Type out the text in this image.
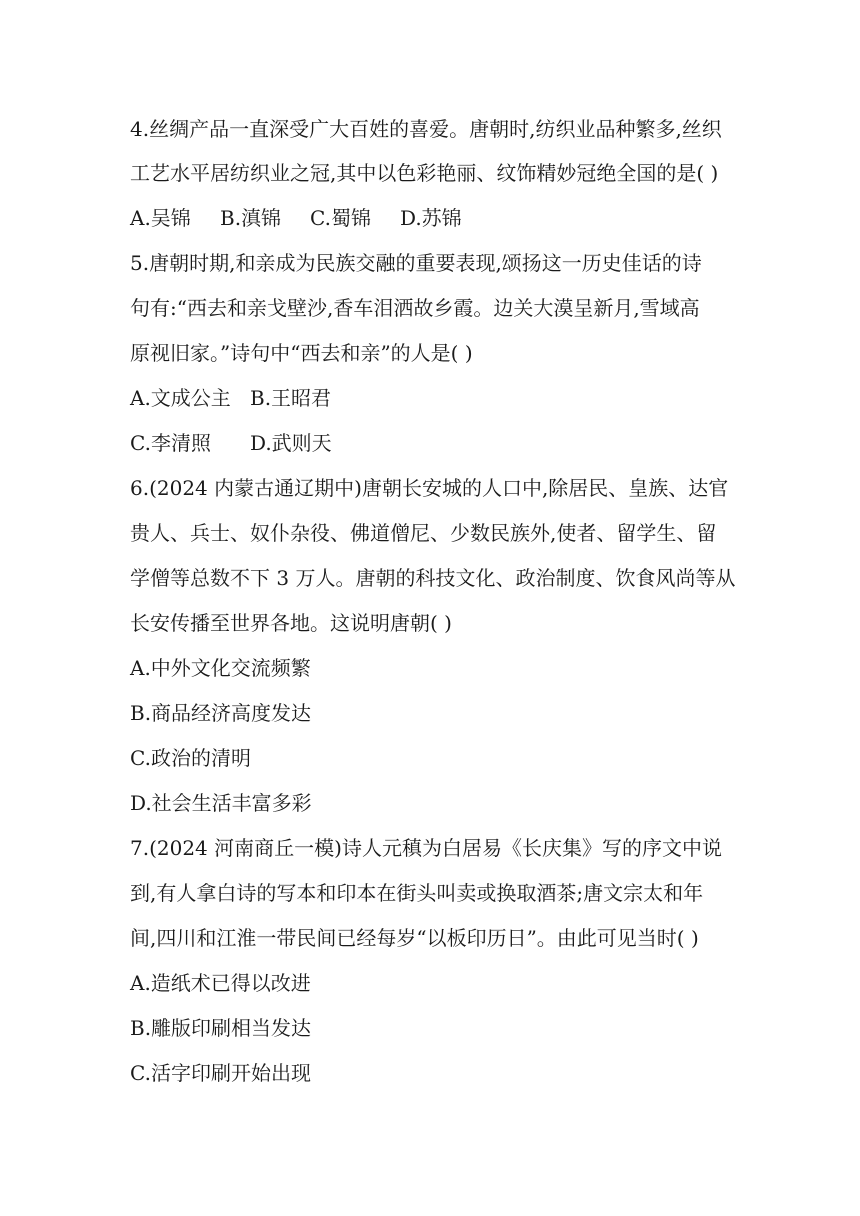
4.丝绸产品一直深受广大百姓的喜爱。唐朝时,纺织业品种繁多,丝织
工艺水平居纺织业之冠,其中以色彩艳丽、纹饰精妙冠绝全国的是( )
A.吴锦 B.滇锦 C.蜀锦 D.苏锦
5.唐朝时期,和亲成为民族交融的重要表现,颂扬这一历史佳话的诗
句有:“西去和亲戈壁沙,香车泪洒故乡霞。边关大漠呈新月,雪域高
原视旧家。”诗句中“西去和亲”的人是( )
A.文成公主 B.王昭君
C.李清照 D.武则天
6.(2024 内蒙古通辽期中)唐朝长安城的人口中,除居民、皇族、达官
贵人、兵士、奴仆杂役、佛道僧尼、少数民族外,使者、留学生、留
学僧等总数不下 3 万人。唐朝的科技文化、政治制度、饮食风尚等从
长安传播至世界各地。这说明唐朝( )
A.中外文化交流频繁
B.商品经济高度发达
C.政治的清明
D.社会生活丰富多彩
7.(2024 河南商丘一模)诗人元稹为白居易《长庆集》写的序文中说
到,有人拿白诗的写本和印本在街头叫卖或换取酒茶;唐文宗太和年
间,四川和江淮一带民间已经每岁“以板印历日”。由此可见当时( )
A.造纸术已得以改进
B.雕版印刷相当发达
C.活字印刷开始出现
